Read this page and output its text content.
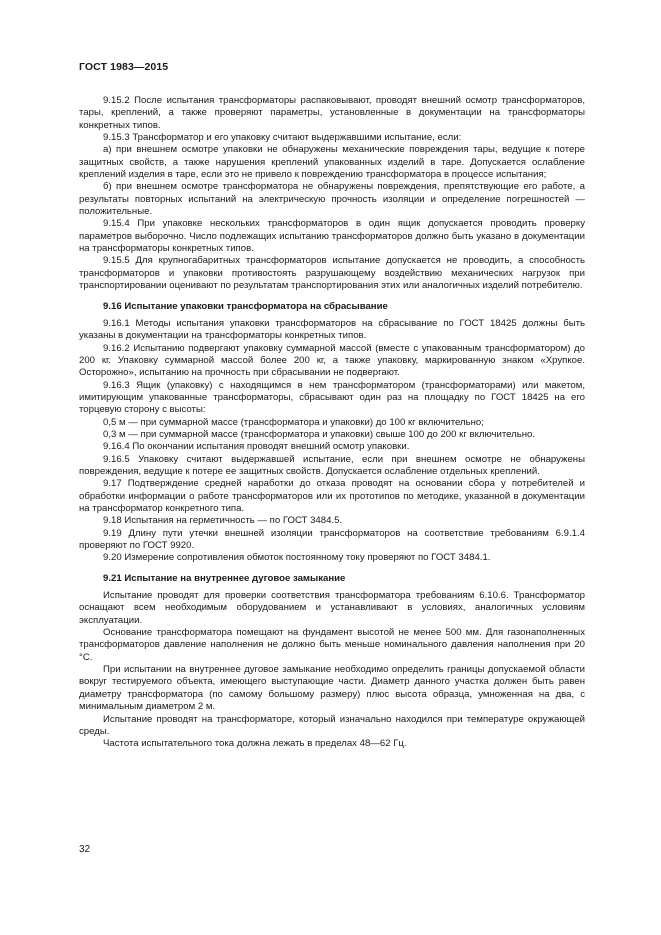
ГОСТ 1983—2015

9.15.2 После испытания трансформаторы распаковывают, проводят внешний осмотр трансформаторов, тары, креплений, а также проверяют параметры, установленные в документации на трансформаторы конкретных типов.

9.15.3 Трансформатор и его упаковку считают выдержавшими испытание, если:

а) при внешнем осмотре упаковки не обнаружены механические повреждения тары, ведущие к потере защитных свойств, а также нарушения креплений упакованных изделий в таре. Допускается ослабление креплений изделия в таре, если это не привело к повреждению трансформатора в процессе испытания;

б) при внешнем осмотре трансформатора не обнаружены повреждения, препятствующие его работе, а результаты повторных испытаний на электрическую прочность изоляции и определение погрешностей — положительные.

9.15.4 При упаковке нескольких трансформаторов в один ящик допускается проводить проверку параметров выборочно. Число подлежащих испытанию трансформаторов должно быть указано в документации на трансформаторы конкретных типов.

9.15.5 Для крупногабаритных трансформаторов испытание допускается не проводить, а способность трансформаторов и упаковки противостоять разрушающему воздействию механических нагрузок при транспортировании оценивают по результатам транспортирования этих или аналогичных изделий потребителю.

9.16 Испытание упаковки трансформатора на сбрасывание

9.16.1 Методы испытания упаковки трансформаторов на сбрасывание по ГОСТ 18425 должны быть указаны в документации на трансформаторы конкретных типов.

9.16.2 Испытанию подвергают упаковку суммарной массой (вместе с упакованным трансформатором) до 200 кг. Упаковку суммарной массой более 200 кг, а также упаковку, маркированную знаком «Хрупкое. Осторожно», испытанию на прочность при сбрасывании не подвергают.

9.16.3 Ящик (упаковку) с находящимся в нем трансформатором (трансформаторами) или макетом, имитирующим упакованные трансформаторы, сбрасывают один раз на площадку по ГОСТ 18425 на его торцевую сторону с высоты:

0,5 м — при суммарной массе (трансформатора и упаковки) до 100 кг включительно;

0,3 м — при суммарной массе (трансформатора и упаковки) свыше 100 до 200 кг включительно.

9.16.4 По окончании испытания проводят внешний осмотр упаковки.

9.16.5 Упаковку считают выдержавшей испытание, если при внешнем осмотре не обнаружены повреждения, ведущие к потере ее защитных свойств. Допускается ослабление отдельных креплений.

9.17 Подтверждение средней наработки до отказа проводят на основании сбора у потребителей и обработки информации о работе трансформаторов или их прототипов по методике, указанной в документации на трансформатор конкретного типа.

9.18 Испытания на герметичность — по ГОСТ 3484.5.

9.19 Длину пути утечки внешней изоляции трансформаторов на соответствие требованиям 6.9.1.4 проверяют по ГОСТ 9920.

9.20 Измерение сопротивления обмоток постоянному току проверяют по ГОСТ 3484.1.

9.21 Испытание на внутреннее дуговое замыкание

Испытание проводят для проверки соответствия трансформатора требованиям 6.10.6. Трансформатор оснащают всем необходимым оборудованием и устанавливают в условиях, аналогичных условиям эксплуатации.

Основание трансформатора помещают на фундамент высотой не менее 500 мм. Для газонаполненных трансформаторов давление наполнения не должно быть меньше номинального давления наполнения при 20 °С.

При испытании на внутреннее дуговое замыкание необходимо определить границы допускаемой области вокруг тестируемого объекта, имеющего выступающие части. Диаметр данного участка должен быть равен диаметру трансформатора (по самому большому размеру) плюс высота образца, умноженная на два, с минимальным диаметром 2 м.

Испытание проводят на трансформаторе, который изначально находился при температуре окружающей среды.

Частота испытательного тока должна лежать в пределах 48—62 Гц.

32
